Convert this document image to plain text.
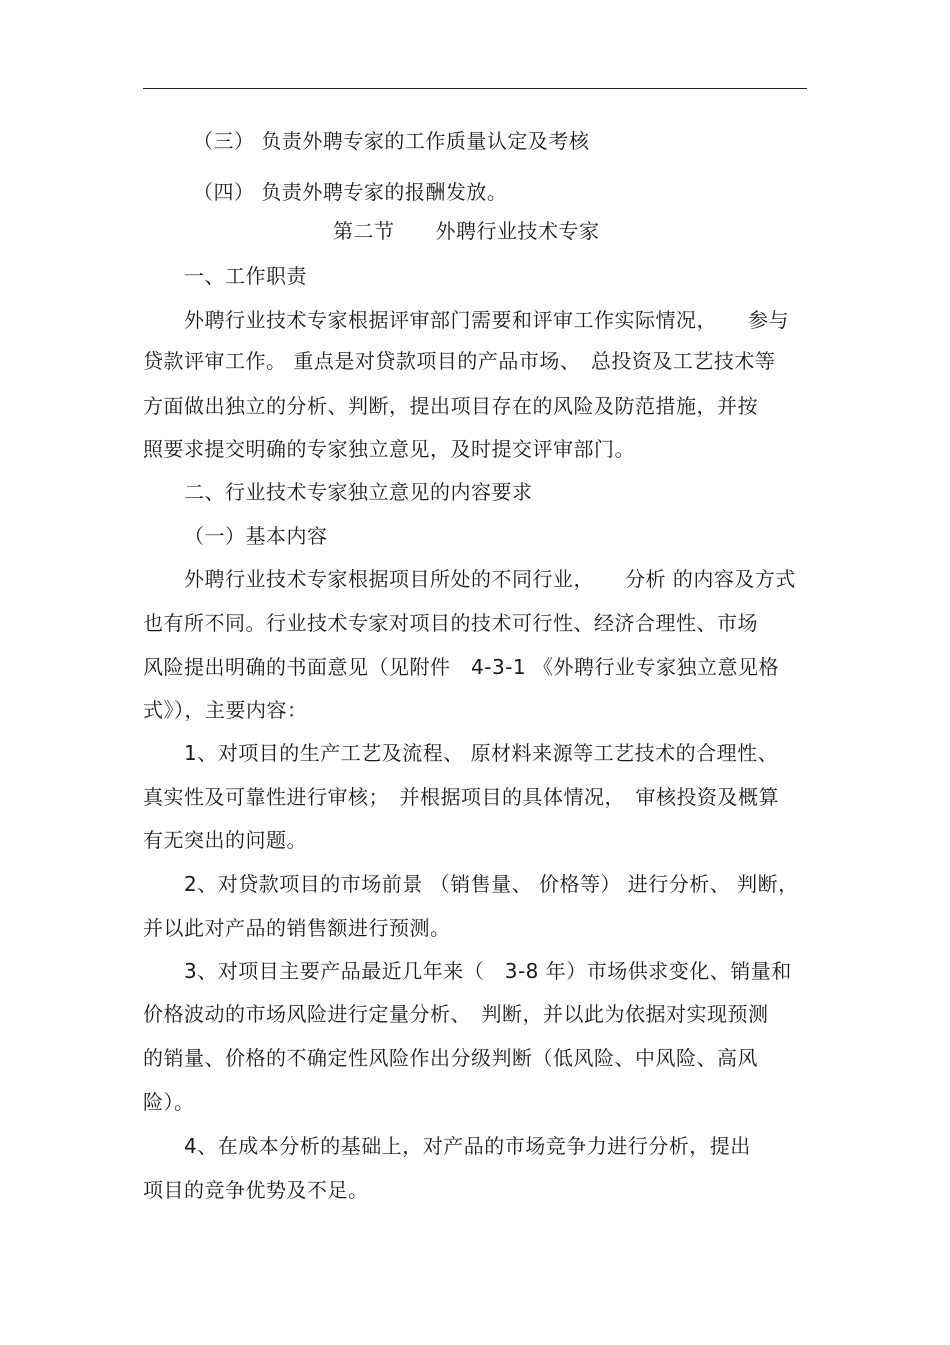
（三） 负责外聘专家的工作质量认定及考核
（四） 负责外聘专家的报酬发放。
第二节　　外聘行业技术专家
一、工作职责
外聘行业技术专家根据评审部门需要和评审工作实际情况，　　参与
贷款评审工作。 重点是对贷款项目的产品市场、　总投资及工艺技术等
方面做出独立的分析、判断，提出项目存在的风险及防范措施，并按
照要求提交明确的专家独立意见，及时提交评审部门。
二、行业技术专家独立意见的内容要求
（一）基本内容
外聘行业技术专家根据项目所处的不同行业，　　分析 的内容及方式
也有所不同。行业技术专家对项目的技术可行性、经济合理性、市场
风险提出明确的书面意见（见附件　4-3-1 《外聘行业专家独立意见格
式》），主要内容：
1、对项目的生产工艺及流程、 原材料来源等工艺技术的合理性、
真实性及可靠性进行审核；　并根据项目的具体情况，　审核投资及概算
有无突出的问题。
2、对贷款项目的市场前景 （销售量、 价格等） 进行分析、 判断，
并以此对产品的销售额进行预测。
3、对项目主要产品最近几年来（　3-8 年）市场供求变化、销量和
价格波动的市场风险进行定量分析、　判断，并以此为依据对实现预测
的销量、价格的不确定性风险作出分级判断（低风险、中风险、高风
险）。
4、在成本分析的基础上，对产品的市场竞争力进行分析，提出
项目的竞争优势及不足。
